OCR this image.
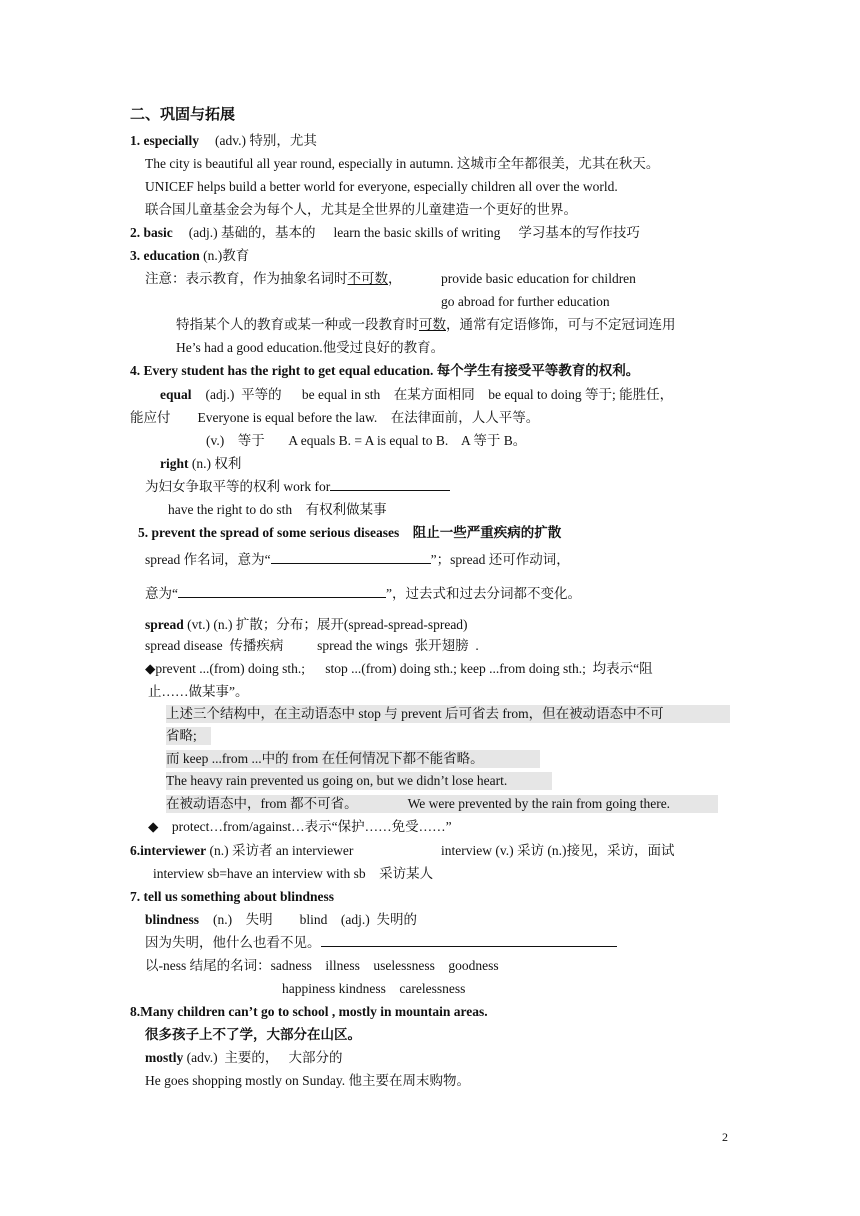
二、巩固与拓展
1. especially (adv.) 特别，尤其
The city is beautiful all year round, especially in autumn. 这城市全年都很美，尤其在秋天。
UNICEF helps build a better world for everyone, especially children all over the world.
联合国儿童基金会为每个人，尤其是全世界的儿童建造一个更好的世界。
2. basic (adj.) 基础的，基本的 learn the basic skills of writing 学习基本的写作技巧
3. education (n.)教育
注意：表示教育，作为抽象名词时不可数，	provide basic education for children
go abroad for further education
特指某个人的教育或某一种或一段教育时可数，通常有定语修饰，可与不定冠词连用
He’s had a good education.他受过良好的教育。
4. Every student has the right to get equal education. 每个学生有接受平等教育的权利。
equal (adj.)  平等的      be equal in sth    在某方面相同    be equal to doing 等于; 能胜任，
能应付        Everyone is equal before the law.    在法律面前，人人平等。
(v.)    等于       A equals B. = A is equal to B.    A 等于 B。
right (n.) 权利
为妇女争取平等的权利 work for
have the right to do sth    有权利做某事
5. prevent the spread of some serious diseases    阻止一些严重疾病的扩散
spread 作名词，意为“	”；spread 还可作动词，
意为“	”，过去式和过去分词都不变化。
spread (vt.) (n.) 扩散；分布；展开(spread-spread-spread)
spread disease  传播疾病          spread the wings  张开翅膀  .
◆prevent ...(from) doing sth.;      stop ...(from) doing sth.; keep ...from doing sth.;  均表示“阻
止……做某事”。
上述三个结构中，在主动语态中 stop 与 prevent 后可省去 from，但在被动语态中不可
省略;
而 keep ...from ...中的 from 在任何情况下都不能省略。
The heavy rain prevented us going on, but we didn’t lose heart.
在被动语态中，from 都不可省。	We were prevented by the rain from going there.
◆    protect…from/against…表示“保护……免受……”
6.interviewer (n.) 采访者 an interviewer	interview (v.) 采访 (n.)接见，采访，面试
interview sb=have an interview with sb    采访某人
7. tell us something about blindness
blindness (n.)    失明        blind    (adj.)  失明的
因为失明，他什么也看不见。
以-ness 结尾的名词：sadness    illness    uselessness    goodness
happiness kindness    carelessness
8.Many children can’t go to school , mostly in mountain areas.
很多孩子上不了学，大部分在山区。
mostly (adv.)  主要的，   大部分的
He goes shopping mostly on Sunday. 他主要在周末购物。
2
